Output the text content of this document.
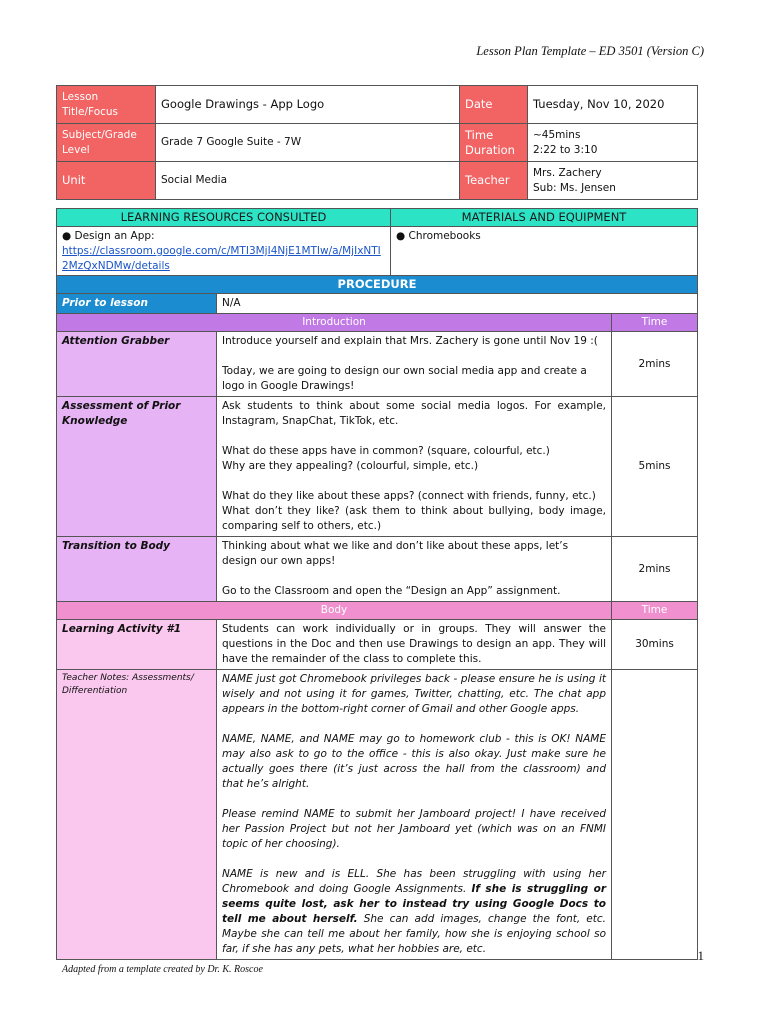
Lesson Plan Template – ED 3501 (Version C)
Lesson Title/Focus	Google Drawings - App Logo	Date	Tuesday, Nov 10, 2020
Subject/Grade Level	Grade 7 Google Suite - 7W	Time Duration	~45mins

2:22 to 3:10

Unit	Social Media	Teacher	Mrs. Zachery

Sub: Ms. Jensen

LEARNING RESOURCES CONSULTED	MATERIALS AND EQUIPMENT

● Design an App:

https://classroom.google.com/c/MTI3MjI4NjE1MTIw/a/MjIxNTI2MzQxNDMw/details	● Chromebooks

PROCEDURE		
Prior to lesson	N/A	
Introduction		Time
Attention Grabber	Introduce yourself and explain that Mrs. Zachery is gone until Nov 19 :(

Today, we are going to design our own social media app and create a logo in Google Drawings!	2mins
Assessment of Prior Knowledge	Ask students to think about some social media logos. For example, Instagram, SnapChat, TikTok, etc.

What do these apps have in common? (square, colourful, etc.)

Why are they appealing? (colourful, simple, etc.)

What do they like about these apps? (connect with friends, funny, etc.)

What don’t they like? (ask them to think about bullying, body image, comparing self to others, etc.)	5mins
Transition to Body	Thinking about what we like and don’t like about these apps, let’s design our own apps!

Go to the Classroom and open the “Design an App” assignment.	2mins
Body		Time
Learning Activity #1	Students can work individually or in groups. They will answer the questions in the Doc and then use Drawings to design an app. They will have the remainder of the class to complete this.	30mins
Teacher Notes: Assessments/ Differentiation	NAME just got Chromebook privileges back - please ensure he is using it wisely and not using it for games, Twitter, chatting, etc. The chat app appears in the bottom-right corner of Gmail and other Google apps.

NAME, NAME, and NAME may go to homework club - this is OK! NAME may also ask to go to the office - this is also okay. Just make sure he actually goes there (it’s just across the hall from the classroom) and that he’s alright.

Please remind NAME to submit her Jamboard project! I have received her Passion Project but not her Jamboard yet (which was on an FNMI topic of her choosing).

NAME is new and is ELL. She has been struggling with using her Chromebook and doing Google Assignments. If she is struggling or seems quite lost, ask her to instead try using Google Docs to tell me about herself. She can add images, change the font, etc. Maybe she can tell me about her family, how she is enjoying school so far, if she has any pets, what her hobbies are, etc.	

		1
Adapted from a template created by Dr. K. Roscoe
